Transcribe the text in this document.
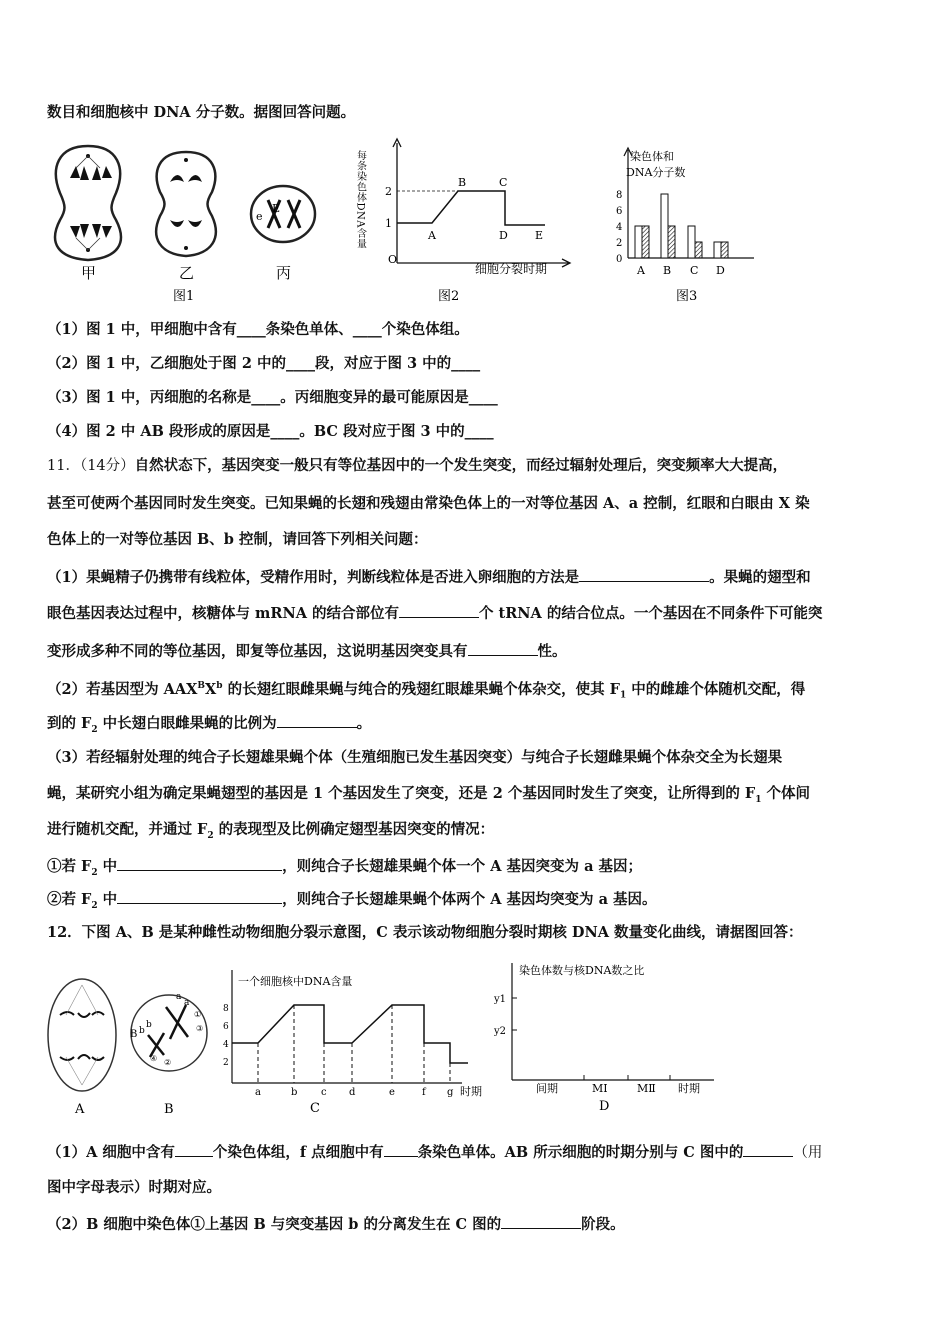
数目和细胞核中 DNA 分子数。据图回答问题。
甲	乙
e
E
丙
图1
每条染色体DNA含量
O
1
2
A
B	C
D E
细胞分裂时期
图2
染色体和
DNA分子数
0
2
4
6
8
A B C D
图3
（1）图 1 中，甲细胞中含有____条染色单体、____个染色体组。
（2）图 1 中，乙细胞处于图 2 中的____段，对应于图 3 中的____
（3）图 1 中，丙细胞的名称是____。丙细胞变异的最可能原因是____
（4）图 2 中 AB 段形成的原因是____。BC 段对应于图 3 中的____
11．（14分）自然状态下，基因突变一般只有等位基因中的一个发生突变，而经过辐射处理后，突变频率大大提高，
甚至可使两个基因同时发生突变。已知果蝇的长翅和残翅由常染色体上的一对等位基因 A、a 控制，红眼和白眼由 X 染
色体上的一对等位基因 B、b 控制，请回答下列相关问题：
（1）果蝇精子仍携带有线粒体，受精作用时，判断线粒体是否进入卵细胞的方法是	。果蝇的翅型和
眼色基因表达过程中，核糖体与 mRNA 的结合部位有	个 tRNA 的结合位点。一个基因在不同条件下可能突
变形成多种不同的等位基因，即复等位基因，这说明基因突变具有	性。
（2）若基因型为 $AAX^BX^b$ 的长翅红眼雌果蝇与纯合的残翅红眼雄果蝇个体杂交，使其 $F_1$ 中的雌雄个体随机交配，得
到的 $F_2$ 中长翅白眼雌果蝇的比例为	。
（3）若经辐射处理的纯合子长翅雄果蝇个体（生殖细胞已发生基因突变）与纯合子长翅雌果蝇个体杂交全为长翅果
蝇，某研究小组为确定果蝇翅型的基因是 1 个基因发生了突变，还是 2 个基因同时发生了突变，让所得到的 $F_1$ 个体间
进行随机交配，并通过 $F_2$ 的表现型及比例确定翅型基因突变的情况：
①若 $F_2$ 中	，则纯合子长翅雄果蝇个体一个 A 基因突变为 a 基因；
②若 $F_2$ 中	，则纯合子长翅雄果蝇个体两个 A 基因均突变为 a 基因。
12．下图 A、B 是某种雌性动物细胞分裂示意图，C 表示该动物细胞分裂时期核 DNA 数量变化曲线，请据图回答：
A
a
a
B b
b
①
②
③
④
B
一个细胞核中DNA含量
2
4
6
8
a	b c d	e	f g 时期
C
染色体数与核DNA数之比
y1
y2
间期	MⅠ	MⅡ 时期
D
（1）A 细胞中含有	个染色体组，f 点细胞中有 条染色单体。AB 所示细胞的时期分别与 C 图中的	（用
图中字母表示）时期对应。
（2）B 细胞中染色体①上基因 B 与突变基因 b 的分离发生在 C 图的	阶段。
